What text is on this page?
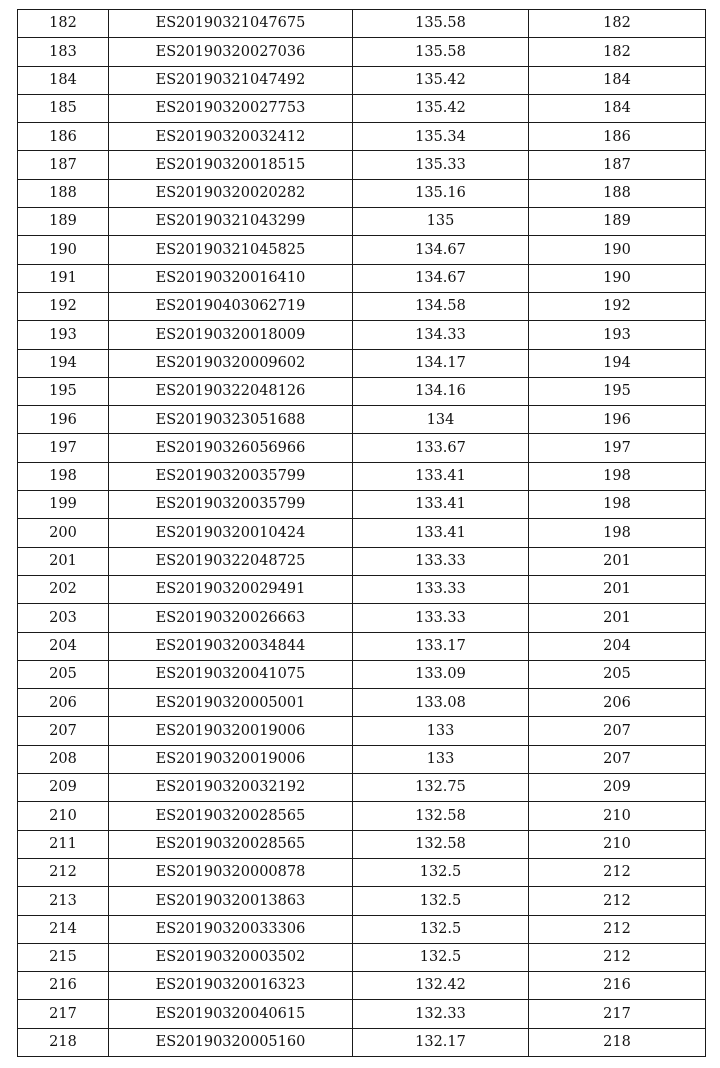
182	ES20190321047675	135.58	182
183	ES20190320027036	135.58	182
184	ES20190321047492	135.42	184
185	ES20190320027753	135.42	184
186	ES20190320032412	135.34	186
187	ES20190320018515	135.33	187
188	ES20190320020282	135.16	188
189	ES20190321043299	135	189
190	ES20190321045825	134.67	190
191	ES20190320016410	134.67	190
192	ES20190403062719	134.58	192
193	ES20190320018009	134.33	193
194	ES20190320009602	134.17	194
195	ES20190322048126	134.16	195
196	ES20190323051688	134	196
197	ES20190326056966	133.67	197
198	ES20190320035799	133.41	198
199	ES20190320035799	133.41	198
200	ES20190320010424	133.41	198
201	ES20190322048725	133.33	201
202	ES20190320029491	133.33	201
203	ES20190320026663	133.33	201
204	ES20190320034844	133.17	204
205	ES20190320041075	133.09	205
206	ES20190320005001	133.08	206
207	ES20190320019006	133	207
208	ES20190320019006	133	207
209	ES20190320032192	132.75	209
210	ES20190320028565	132.58	210
211	ES20190320028565	132.58	210
212	ES20190320000878	132.5	212
213	ES20190320013863	132.5	212
214	ES20190320033306	132.5	212
215	ES20190320003502	132.5	212
216	ES20190320016323	132.42	216
217	ES20190320040615	132.33	217
218	ES20190320005160	132.17	218
